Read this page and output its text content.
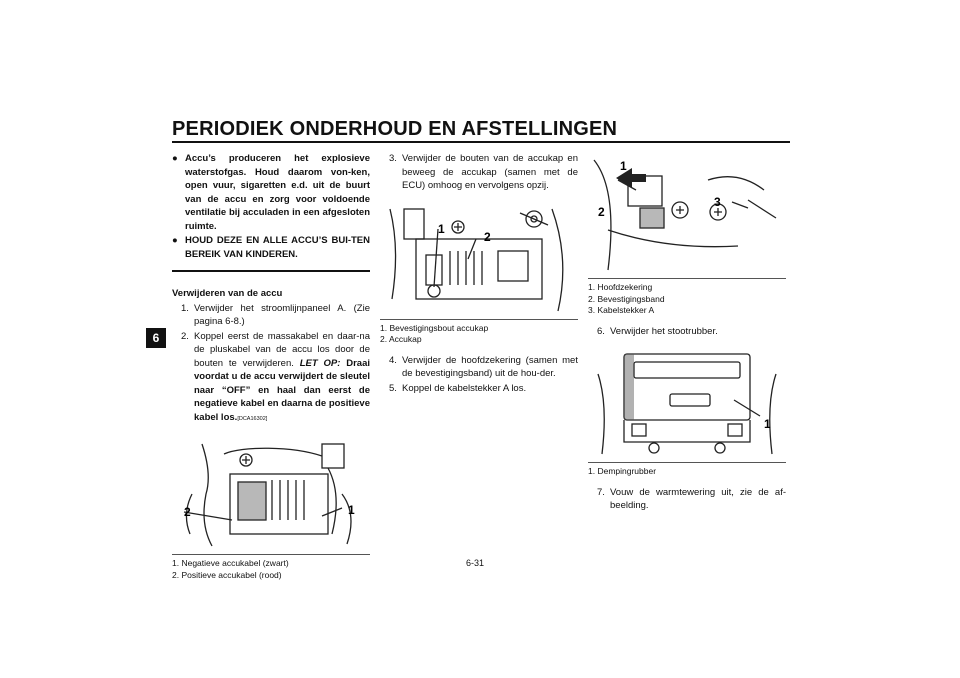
PERIODIEK ONDERHOUD EN AFSTELLINGEN
6
● Accu’s produceren het explosieve waterstofgas. Houd daarom von-ken, open vuur, sigaretten e.d. uit de buurt van de accu en zorg voor voldoende ventilatie bij acculaden in een afgesloten ruimte.
● HOUD DEZE EN ALLE ACCU’S BUI-TEN BEREIK VAN KINDEREN.
Verwijderen van de accu
1. Verwijder het stroomlijnpaneel A. (Zie pagina 6-8.)
2. Koppel eerst de massakabel en daar-na de pluskabel van de accu los door de bouten te verwijderen. LET OP: Draai voordat u de accu verwijdert de sleutel naar “OFF” en haal dan eerst de negatieve kabel en daarna de positieve kabel los.[DCA16302]
2	1
1. Negatieve accukabel (zwart)
2. Positieve accukabel (rood)
3. Verwijder de bouten van de accukap en beweeg de accukap (samen met de ECU) omhoog en vervolgens opzij.
1
2
1. Bevestigingsbout accukap
2. Accukap
4. Verwijder de hoofdzekering (samen met de bevestigingsband) uit de hou-der.
5. Koppel de kabelstekker A los.
1
2
3
1. Hoofdzekering
2. Bevestigingsband
3. Kabelstekker A
6. Verwijder het stootrubber.
1
1. Dempingrubber
7. Vouw de warmtewering uit, zie de af-beelding.
6-31
